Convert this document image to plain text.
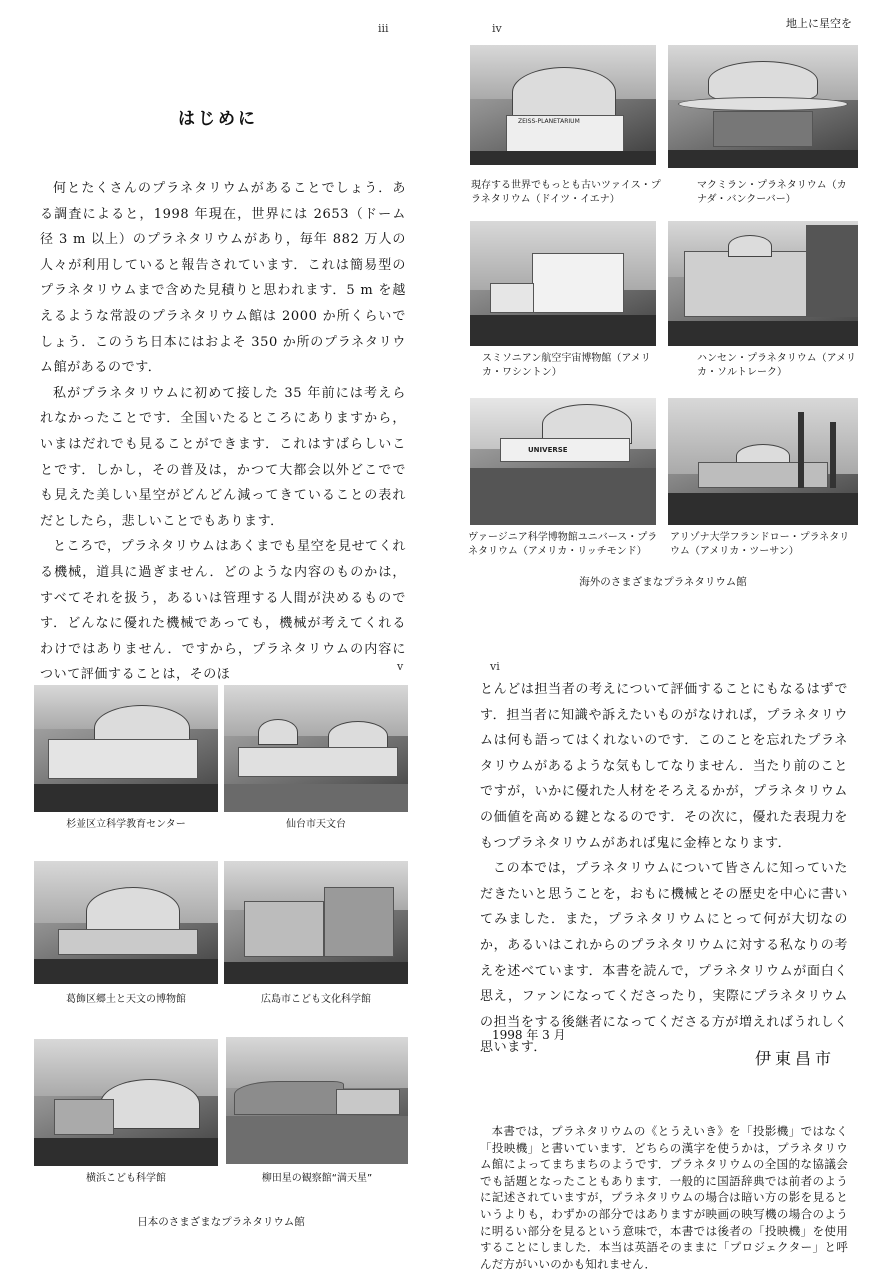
地上に星空を
iii
はじめに

何とたくさんのプラネタリウムがあることでしょう．ある調査によると，1998 年現在，世界には 2653（ドーム径 3 m 以上）のプラネタリウムがあり，毎年 882 万人の人々が利用していると報告されています．これは簡易型のプラネタリウムまで含めた見積りと思われます．5 m を越えるような常設のプラネタリウム館は 2000 か所くらいでしょう．このうち日本にはおよそ 350 か所のプラネタリウム館があるのです．

私がプラネタリウムに初めて接した 35 年前には考えられなかったことです．全国いたるところにありますから，いまはだれでも見ることができます．これはすばらしいことです．しかし，その普及は，かつて大都会以外どこででも見えた美しい星空がどんどん減ってきていることの表れだとしたら，悲しいことでもあります．

ところで，プラネタリウムはあくまでも星空を見せてくれる機械，道具に過ぎません．どのような内容のものかは，すべてそれを扱う，あるいは管理する人間が決めるものです．どんなに優れた機械であっても，機械が考えてくれるわけではありません．ですから，プラネタリウムの内容について評価することは，そのほ

iv
ZEISS-PLANETARIUM
現存する世界でもっとも古いツァイス・プラネタリウム（ドイツ・イエナ）
マクミラン・プラネタリウム（カナダ・バンクーバー）
スミソニアン航空宇宙博物館（アメリカ・ワシントン）
ハンセン・プラネタリウム（アメリカ・ソルトレーク）
UNIVERSE
ヴァージニア科学博物館ユニバース・プラネタリウム（アメリカ・リッチモンド）
アリゾナ大学フランドロー・プラネタリウム（アメリカ・ツーサン）
海外のさまざまなプラネタリウム館
v
杉並区立科学教育センター	仙台市天文台
葛飾区郷土と天文の博物館	広島市こども文化科学館
横浜こども科学館	柳田星の観察館“満天星”
日本のさまざまなプラネタリウム館
vi

とんどは担当者の考えについて評価することにもなるはずです．担当者に知識や訴えたいものがなければ，プラネタリウムは何も語ってはくれないのです．このことを忘れたプラネタリウムがあるような気もしてなりません．当たり前のことですが，いかに優れた人材をそろえるかが，プラネタリウムの価値を高める鍵となるのです．その次に，優れた表現力をもつプラネタリウムがあれば鬼に金棒となります．

この本では，プラネタリウムについて皆さんに知っていただきたいと思うことを，おもに機械とその歴史を中心に書いてみました．また，プラネタリウムにとって何が大切なのか，あるいはこれからのプラネタリウムに対する私なりの考えを述べています．本書を読んで，プラネタリウムが面白く思え，ファンになってくださったり，実際にプラネタリウムの担当をする後継者になってくださる方が増えればうれしく思います．

1998 年 3 月
伊東昌市

本書では，プラネタリウムの《とうえいき》を「投影機」ではなく「投映機」と書いています．どちらの漢字を使うかは，プラネタリウム館によってまちまちのようです．プラネタリウムの全国的な協議会でも話題となったこともあります．一般的に国語辞典では前者のように記述されていますが，プラネタリウムの場合は暗い方の影を見るというよりも，わずかの部分ではありますが映画の映写機の場合のように明るい部分を見るという意味で，本書では後者の「投映機」を使用することにしました．本当は英語そのままに「プロジェクター」と呼んだ方がいいのかも知れません．
